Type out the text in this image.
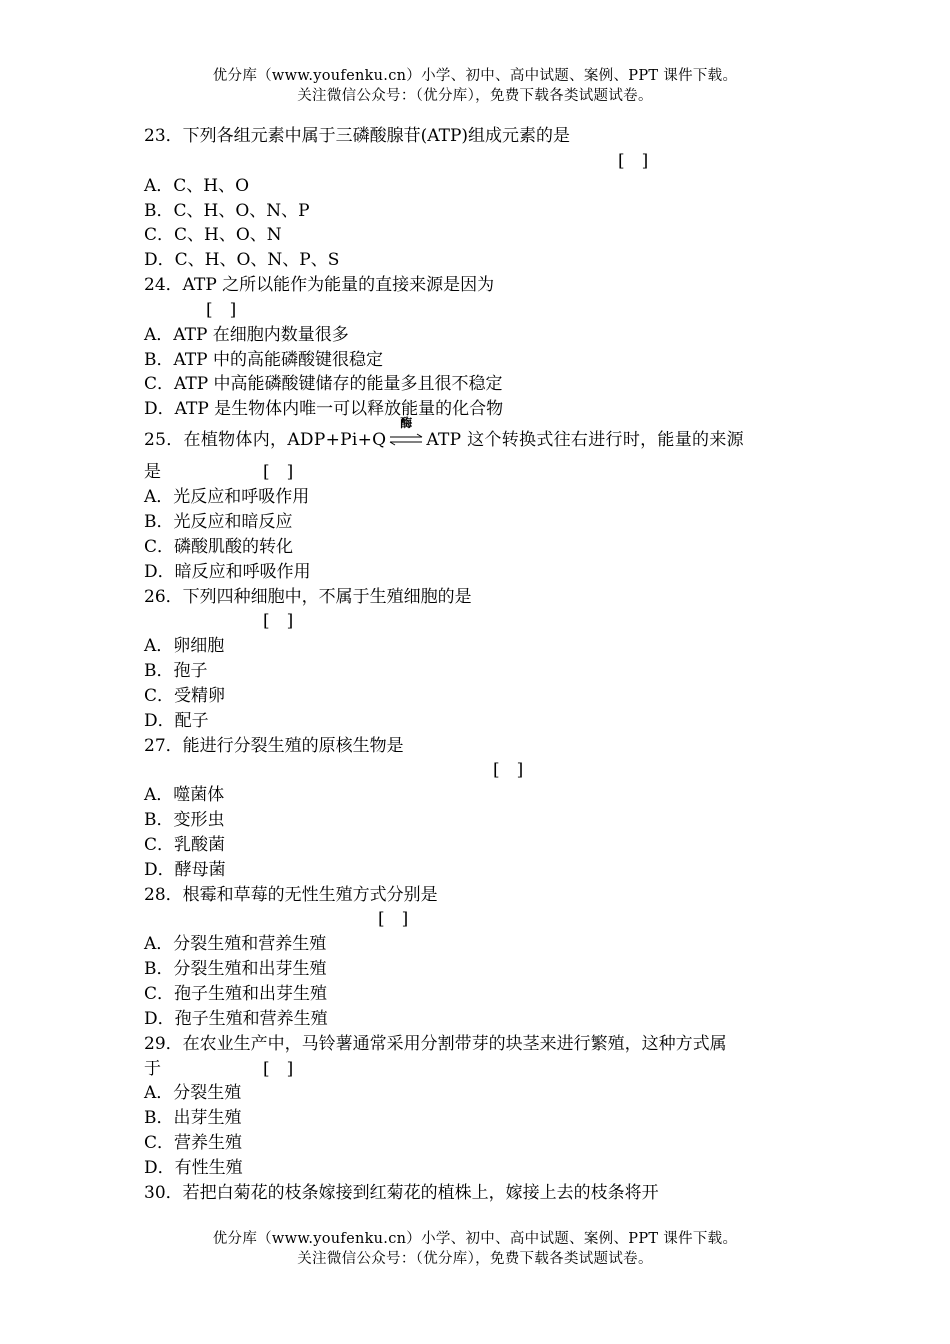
优分库（www.youfenku.cn）小学、初中、高中试题、案例、PPT 课件下载。
关注微信公众号：（优分库），免费下载各类试题试卷。
23．下列各组元素中属于三磷酸腺苷(ATP)组成元素的是
[　]
A．C、H、O
B．C、H、O、N、P
C．C、H、O、N
D．C、H、O、N、P、S
24．ATP 之所以能作为能量的直接来源是因为
[　]
A．ATP 在细胞内数量很多
B．ATP 中的高能磷酸键很稳定
C．ATP 中高能磷酸键储存的能量多且很不稳定
D．ATP 是生物体内唯一可以释放能量的化合物
25．在植物体内，ADP+Pi+Q
酶
ATP 这个转换式往右进行时，能量的来源
是	[　]
A．光反应和呼吸作用
B．光反应和暗反应
C．磷酸肌酸的转化
D．暗反应和呼吸作用
26．下列四种细胞中，不属于生殖细胞的是
[　]
A．卵细胞
B．孢子
C．受精卵
D．配子
27．能进行分裂生殖的原核生物是
[　]
A．噬菌体
B．变形虫
C．乳酸菌
D．酵母菌
28．根霉和草莓的无性生殖方式分别是
[　]
A．分裂生殖和营养生殖
B．分裂生殖和出芽生殖
C．孢子生殖和出芽生殖
D．孢子生殖和营养生殖
29．在农业生产中，马铃薯通常采用分割带芽的块茎来进行繁殖，这种方式属
于	[　]
A．分裂生殖
B．出芽生殖
C．营养生殖
D．有性生殖
30．若把白菊花的枝条嫁接到红菊花的植株上，嫁接上去的枝条将开
优分库（www.youfenku.cn）小学、初中、高中试题、案例、PPT 课件下载。
关注微信公众号：（优分库），免费下载各类试题试卷。
